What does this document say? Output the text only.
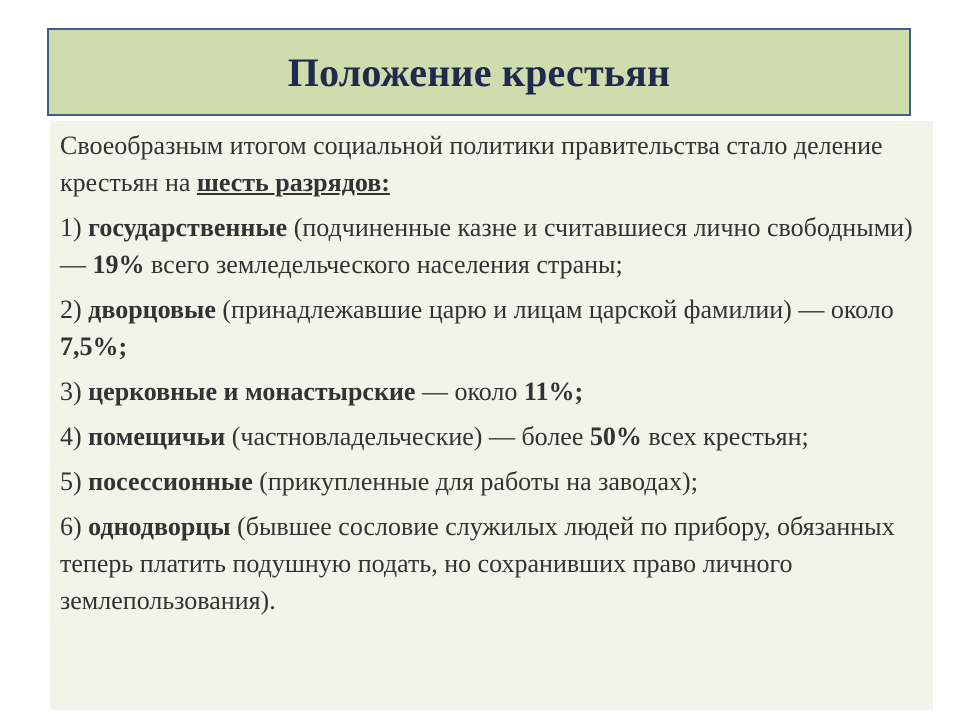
Положение крестьян

Своеобразным итогом социальной политики правительства стало деление крестьян на шесть разрядов:

1) государственные (подчиненные казне и считавшиеся лично свободными) — 19% всего земледельческого населения страны;

2) дворцовые (принадлежавшие царю и лицам царской фамилии) — около 7,5%;

3) церковные и монастырские — около 11%;

4) помещичьи (частновладельческие) — более 50% всех крестьян;

5) посессионные (прикупленные для работы на заводах);

6) однодворцы (бывшее сословие служилых людей по прибору, обязанных теперь платить подушную подать, но сохранивших право личного землепользования).
